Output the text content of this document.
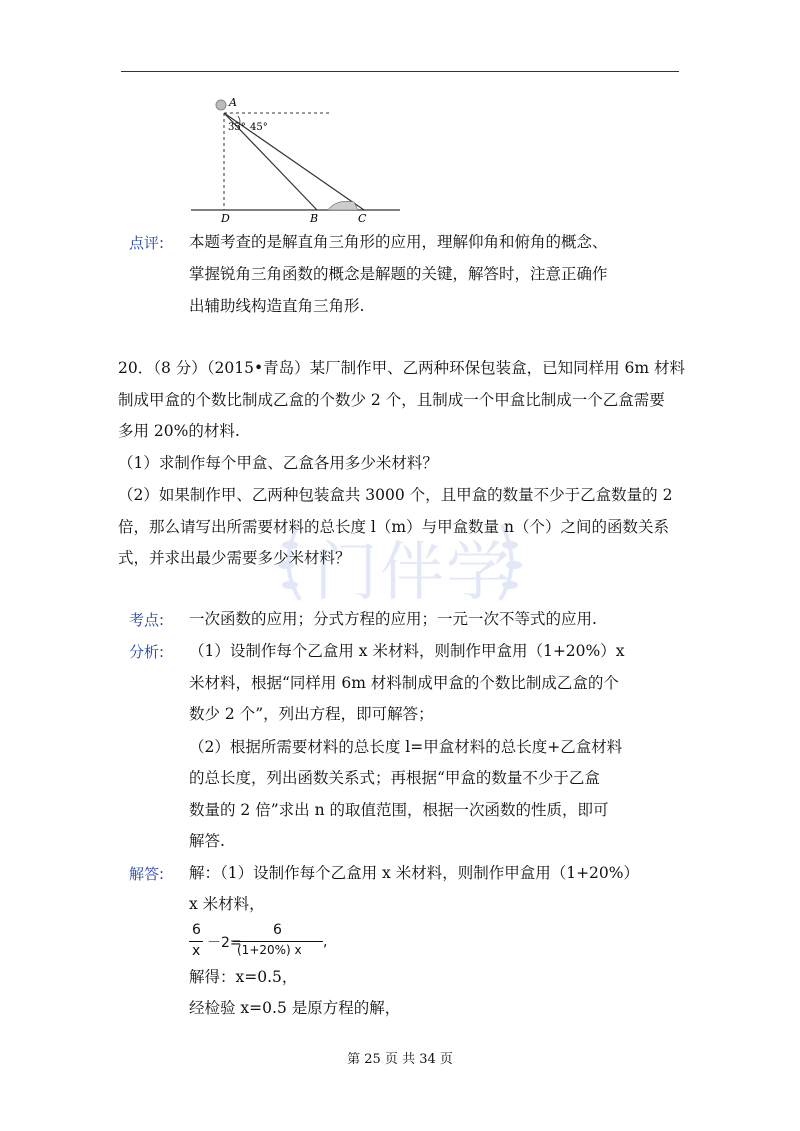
A
35° 45°
D	B	C
点评: 本题考查的是解直角三角形的应用，理解仰角和俯角的概念、
掌握锐角三角函数的概念是解题的关键，解答时，注意正确作
出辅助线构造直角三角形.
20．（8 分）（2015•青岛）某厂制作甲、乙两种环保包装盒，已知同样用 6m 材料
制成甲盒的个数比制成乙盒的个数少 2 个，且制成一个甲盒比制成一个乙盒需要
多用 20%的材料.
（1）求制作每个甲盒、乙盒各用多少米材料？
（2）如果制作甲、乙两种包装盒共 3000 个，且甲盒的数量不少于乙盒数量的 2
倍，那么请写出所需要材料的总长度 l（m）与甲盒数量 n（个）之间的函数关系
式，并求出最少需要多少米材料？
门伴学
考点: 一次函数的应用；分式方程的应用；一元一次不等式的应用.
分析: （1）设制作每个乙盒用 x 米材料，则制作甲盒用（1+20%）x
米材料，根据“同样用 6m 材料制成甲盒的个数比制成乙盒的个
数少 2 个”，列出方程，即可解答；
（2）根据所需要材料的总长度 l=甲盒材料的总长度+乙盒材料
的总长度，列出函数关系式；再根据“甲盒的数量不少于乙盒
数量的 2 倍”求出 n 的取值范围，根据一次函数的性质，即可
解答.
解答: 解：（1）设制作每个乙盒用 x 米材料，则制作甲盒用（1+20%）
x 米材料，
6
x －2=
6
(1+20%) x ,
解得：x=0.5，
经检验 x=0.5 是原方程的解，
第 25 页 共 34 页
